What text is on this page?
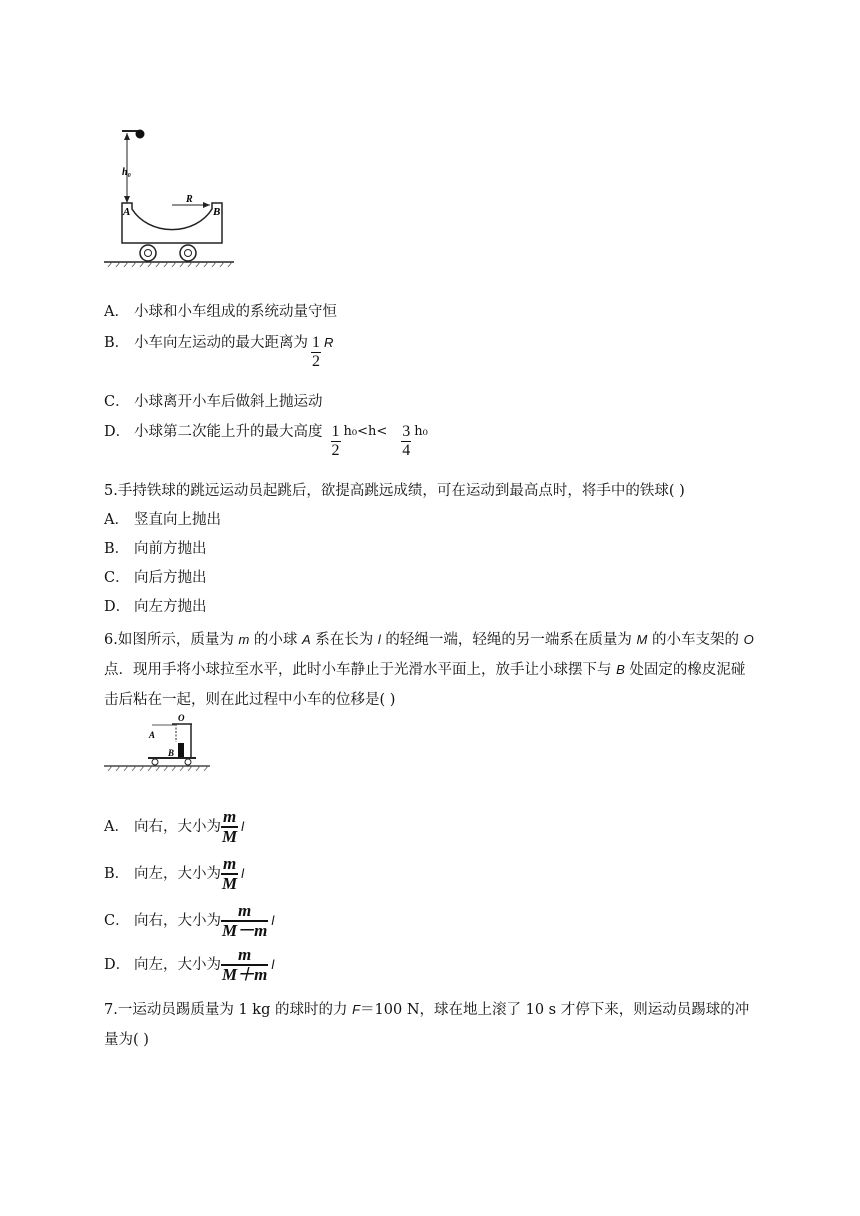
h₀
A	B
R
A． 小球和小车组成的系统动量守恒
B． 小车向左运动的最大距离为 $\frac{1}{2}$ R
C． 小球离开小车后做斜上抛运动
D． 小球第二次能上升的最大高度 $\frac{1}{2} h_0<h< \frac{3}{4} h_0$
5.手持铁球的跳远运动员起跳后，欲提高跳远成绩，可在运动到最高点时，将手中的铁球( )
A． 竖直向上抛出
B． 向前方抛出
C． 向后方抛出
D． 向左方抛出
6.如图所示，质量为 m 的小球 A 系在长为 l 的轻绳一端，轻绳的另一端系在质量为 M 的小车支架的 O 点．现用手将小球拉至水平，此时小车静止于光滑水平面上，放手让小球摆下与 B 处固定的橡皮泥碰击后粘在一起，则在此过程中小车的位移是( )
O
A
B
A． 向右，大小为 $\frac{m}{M}$ l
B． 向左，大小为 $\frac{m}{M}$ l
C． 向右，大小为 $\frac{m}{M-m}$ l
D． 向左，大小为 $\frac{m}{M+m}$ l
7.一运动员踢质量为 1 kg 的球时的力 F＝100 N，球在地上滚了 10 s 才停下来，则运动员踢球的冲
量为( )
